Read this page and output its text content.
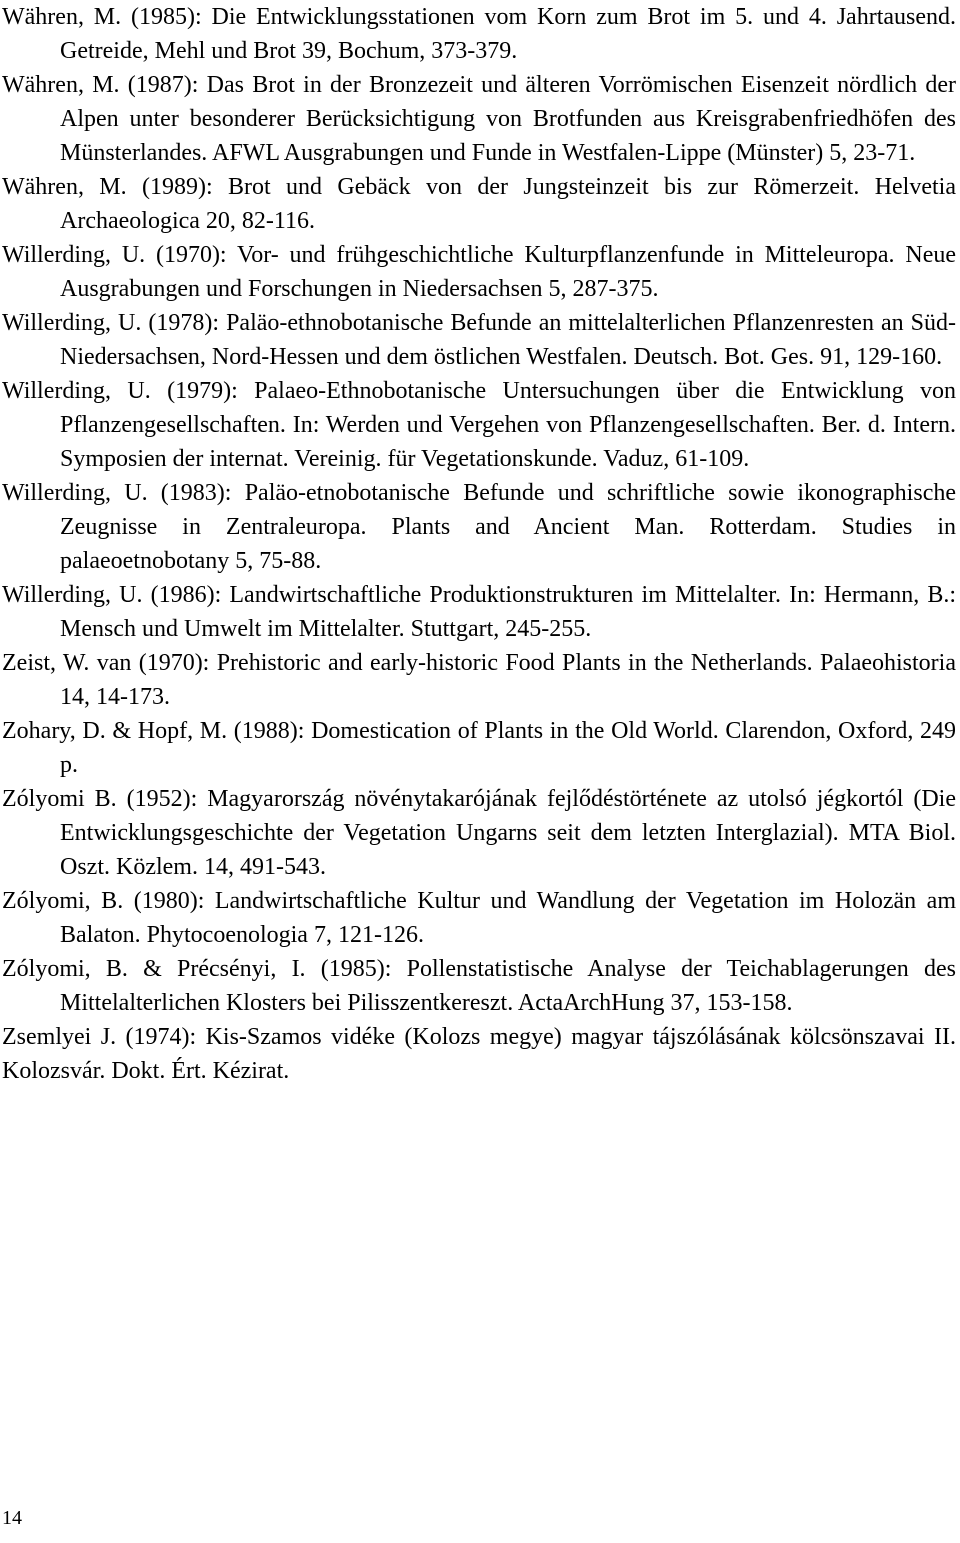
Währen, M. (1985): Die Entwicklungsstationen vom Korn zum Brot im 5. und 4. Jahrtausend. Getreide, Mehl und Brot 39, Bochum, 373-379.

Währen, M. (1987): Das Brot in der Bronzezeit und älteren Vorrömischen Eisenzeit nördlich der Alpen unter besonderer Berücksichtigung von Brotfunden aus Kreisgrabenfriedhöfen des Münsterlandes. AFWL Ausgrabungen und Funde in Westfalen-Lippe (Münster) 5, 23-71.

Währen, M. (1989): Brot und Gebäck von der Jungsteinzeit bis zur Römerzeit. Helvetia Archaeologica 20, 82-116.

Willerding, U. (1970): Vor- und frühgeschichtliche Kulturpflanzenfunde in Mitteleuropa. Neue Ausgrabungen und Forschungen in Niedersachsen 5, 287-375.

Willerding, U. (1978): Paläo-ethnobotanische Befunde an mittelalterlichen Pflanzenresten an Süd-Niedersachsen, Nord-Hessen und dem östlichen Westfalen. Deutsch. Bot. Ges. 91, 129-160.

Willerding, U. (1979): Palaeo-Ethnobotanische Untersuchungen über die Entwicklung von Pflanzengesellschaften. In: Werden und Vergehen von Pflanzengesellschaften. Ber. d. Intern. Symposien der internat. Vereinig. für Vegetationskunde. Vaduz, 61-109.

Willerding, U. (1983): Paläo-etnobotanische Befunde und schriftliche sowie ikonographische Zeugnisse in Zentraleuropa. Plants and Ancient Man. Rotterdam. Studies in palaeoetnobotany 5, 75-88.

Willerding, U. (1986): Landwirtschaftliche Produktionstrukturen im Mittelalter. In: Hermann, B.: Mensch und Umwelt im Mittelalter. Stuttgart, 245-255.

Zeist, W. van (1970): Prehistoric and early-historic Food Plants in the Netherlands. Palaeohistoria 14, 14-173.

Zohary, D. & Hopf, M. (1988): Domestication of Plants in the Old World. Clarendon, Oxford, 249 p.

Zólyomi B. (1952): Magyarország növénytakarójának fejlődéstörténete az utolsó jégkortól (Die Entwicklungsgeschichte der Vegetation Ungarns seit dem letzten Interglazial). MTA Biol. Oszt. Közlem. 14, 491-543.

Zólyomi, B. (1980): Landwirtschaftliche Kultur und Wandlung der Vegetation im Holozän am Balaton. Phytocoenologia 7, 121-126.

Zólyomi, B. & Précsényi, I. (1985): Pollenstatistische Analyse der Teichablagerungen des Mittelalterlichen Klosters bei Pilisszentkereszt. ActaArchHung 37, 153-158.

Zsemlyei J. (1974): Kis-Szamos vidéke (Kolozs megye) magyar tájszólásának kölcsönszavai II. Kolozsvár. Dokt. Ért. Kézirat.

14
